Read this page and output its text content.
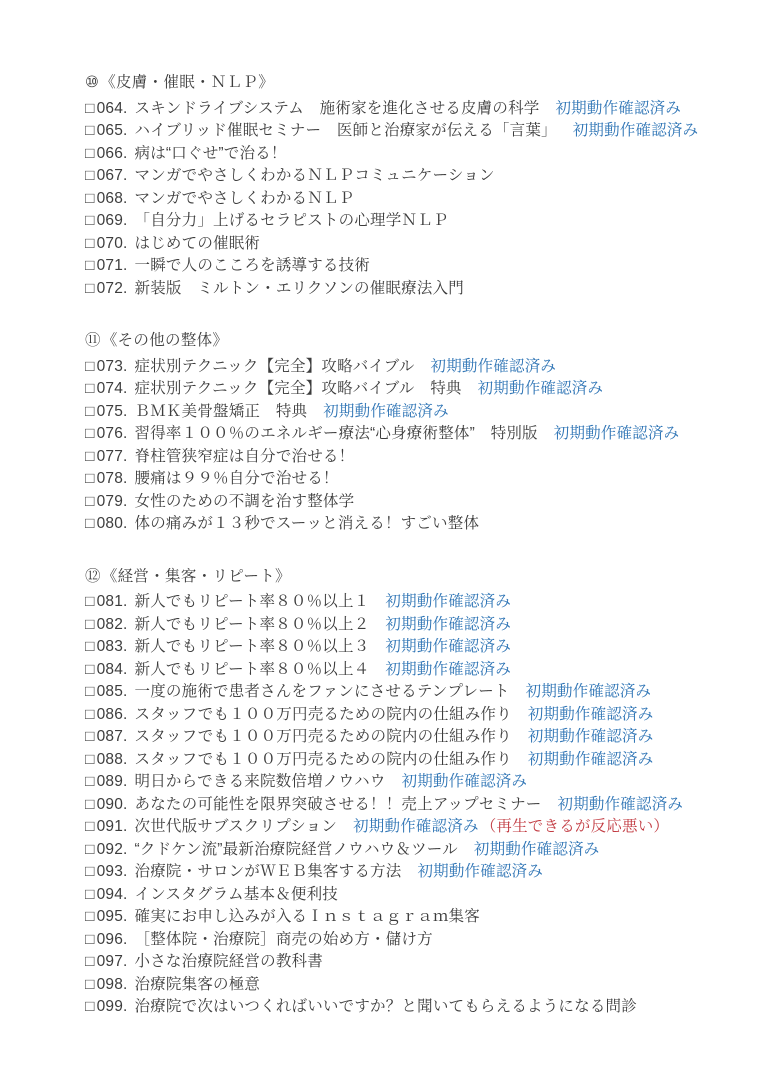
⑩《皮膚・催眠・ＮＬＰ》
□ 064. スキンドライブシステム　施術家を進化させる皮膚の科学 初期動作確認済み
□ 065. ハイブリッド催眠セミナー　医師と治療家が伝える「言葉」 初期動作確認済み
□ 066. 病は“口ぐせ”で治る！
□ 067. マンガでやさしくわかるＮＬＰコミュニケーション
□ 068. マンガでやさしくわかるＮＬＰ
□ 069. 「自分力」上げるセラピストの心理学ＮＬＰ
□ 070. はじめての催眠術
□ 071. 一瞬で人のこころを誘導する技術
□ 072. 新装版　ミルトン・エリクソンの催眠療法入門
⑪《その他の整体》
□ 073. 症状別テクニック【完全】攻略バイブル 初期動作確認済み
□ 074. 症状別テクニック【完全】攻略バイブル　特典 初期動作確認済み
□ 075. ＢＭＫ美骨盤矯正　特典 初期動作確認済み
□ 076. 習得率１００％のエネルギー療法“心身療術整体”　特別版 初期動作確認済み
□ 077. 脊柱管狭窄症は自分で治せる！
□ 078. 腰痛は９９％自分で治せる！
□ 079. 女性のための不調を治す整体学
□ 080. 体の痛みが１３秒でスーッと消える！すごい整体
⑫《経営・集客・リピート》
□ 081. 新人でもリピート率８０％以上１ 初期動作確認済み
□ 082. 新人でもリピート率８０％以上２ 初期動作確認済み
□ 083. 新人でもリピート率８０％以上３ 初期動作確認済み
□ 084. 新人でもリピート率８０％以上４ 初期動作確認済み
□ 085. 一度の施術で患者さんをファンにさせるテンプレート 初期動作確認済み
□ 086. スタッフでも１００万円売るための院内の仕組み作り 初期動作確認済み
□ 087. スタッフでも１００万円売るための院内の仕組み作り 初期動作確認済み
□ 088. スタッフでも１００万円売るための院内の仕組み作り 初期動作確認済み
□ 089. 明日からできる来院数倍増ノウハウ 初期動作確認済み
□ 090. あなたの可能性を限界突破させる！！売上アップセミナー 初期動作確認済み
□ 091. 次世代版サブスクリプション 初期動作確認済み （再生できるが反応悪い）
□ 092. “クドケン流”最新治療院経営ノウハウ＆ツール 初期動作確認済み
□ 093. 治療院・サロンがＷＥＢ集客する方法 初期動作確認済み
□ 094. インスタグラム基本＆便利技
□ 095. 確実にお申し込みが入るＩｎｓｔａｇｒａｍ集客
□ 096. ［整体院・治療院］商売の始め方・儲け方
□ 097. 小さな治療院経営の教科書
□ 098. 治療院集客の極意
□ 099. 治療院で次はいつくればいいですか？と聞いてもらえるようになる問診
